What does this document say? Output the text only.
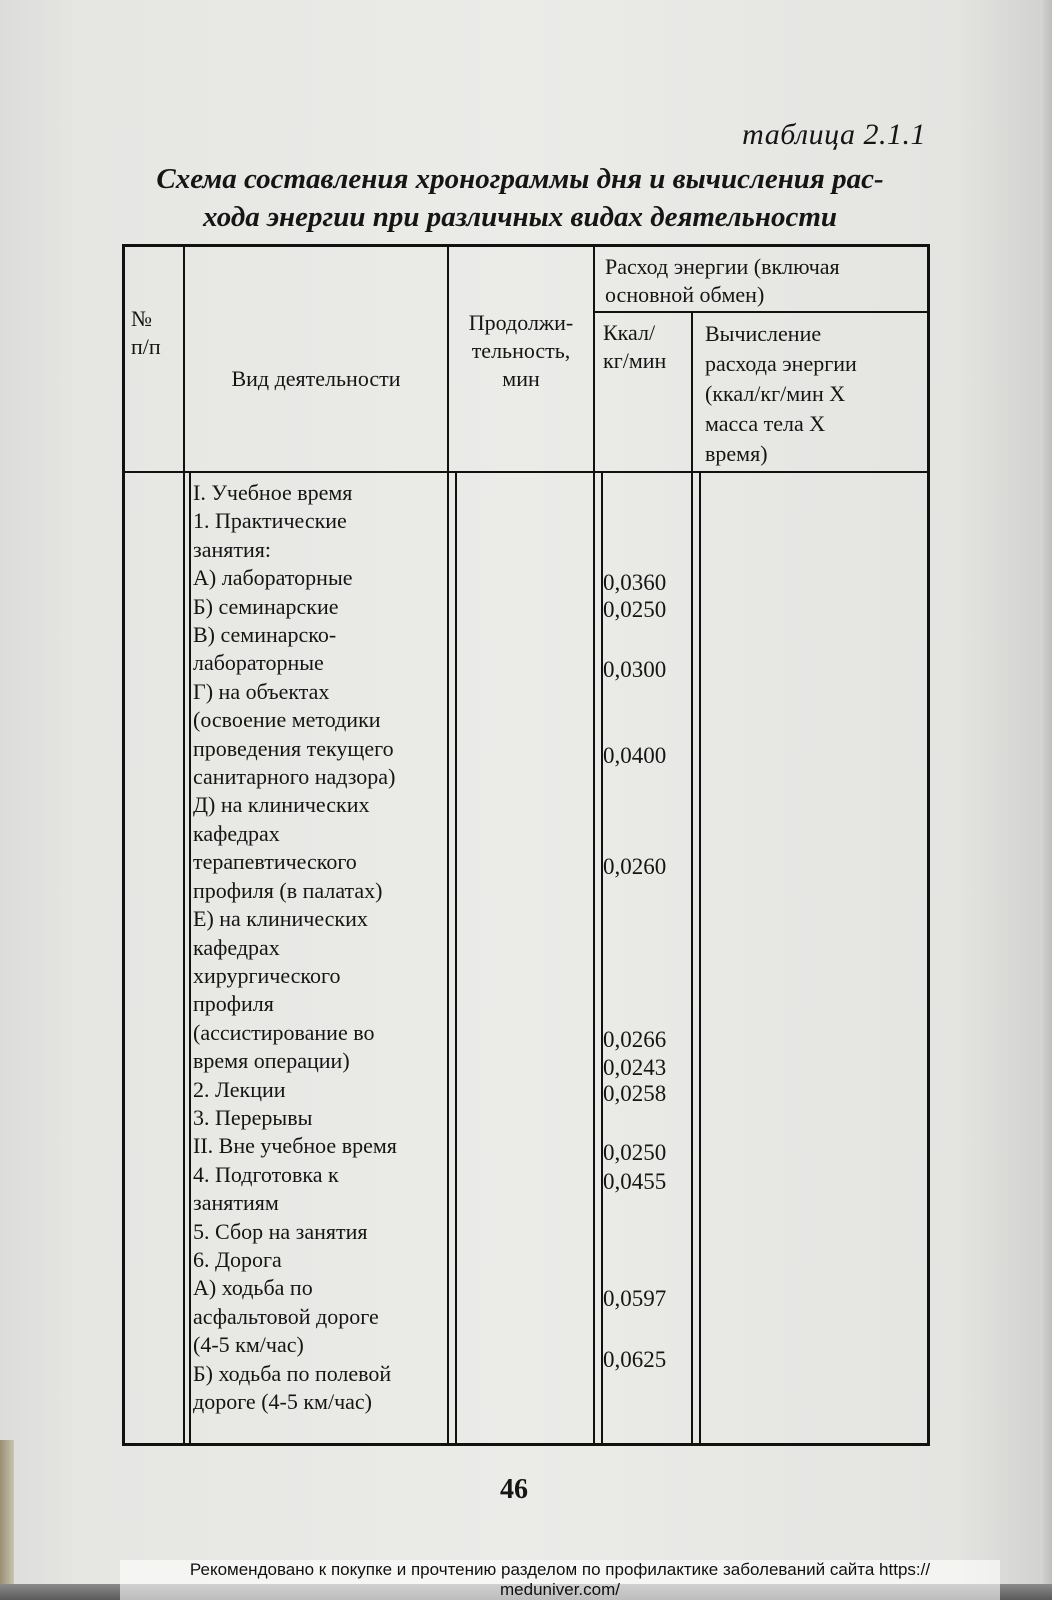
таблица 2.1.1
Схема составления хронограммы дня и вычисления рас-
хода энергии при различных видах деятельности
№
п/п
Вид деятельности
Продолжи-
тельность,
мин
Расход энергии (включая
основной обмен)
Ккал/
кг/мин
Вычисление
расхода энергии
(ккал/кг/мин Х
масса тела Х
время)
I. Учебное время
1. Практические
занятия:
А) лабораторные
Б) семинарские
В) семинарско-
лабораторные
Г) на объектах
(освоение методики
проведения текущего
санитарного надзора)
Д) на клинических
кафедрах
терапевтического
профиля (в палатах)
Е) на клинических
кафедрах
хирургического
профиля
(ассистирование во
время операции)
2. Лекции
3. Перерывы
II. Вне учебное время
4. Подготовка к
занятиям
5. Сбор на занятия
6. Дорога
А) ходьба по
асфальтовой дороге
(4-5 км/час)
Б) ходьба по полевой
дороге (4-5 км/час)
0,0360
0,0250
0,0300
0,0400
0,0260
0,0266
0,0243
0,0258
0,0250
0,0455
0,0597
0,0625
46
Рекомендовано к покупке и прочтению разделом по профилактике заболеваний сайта https://
meduniver.com/
